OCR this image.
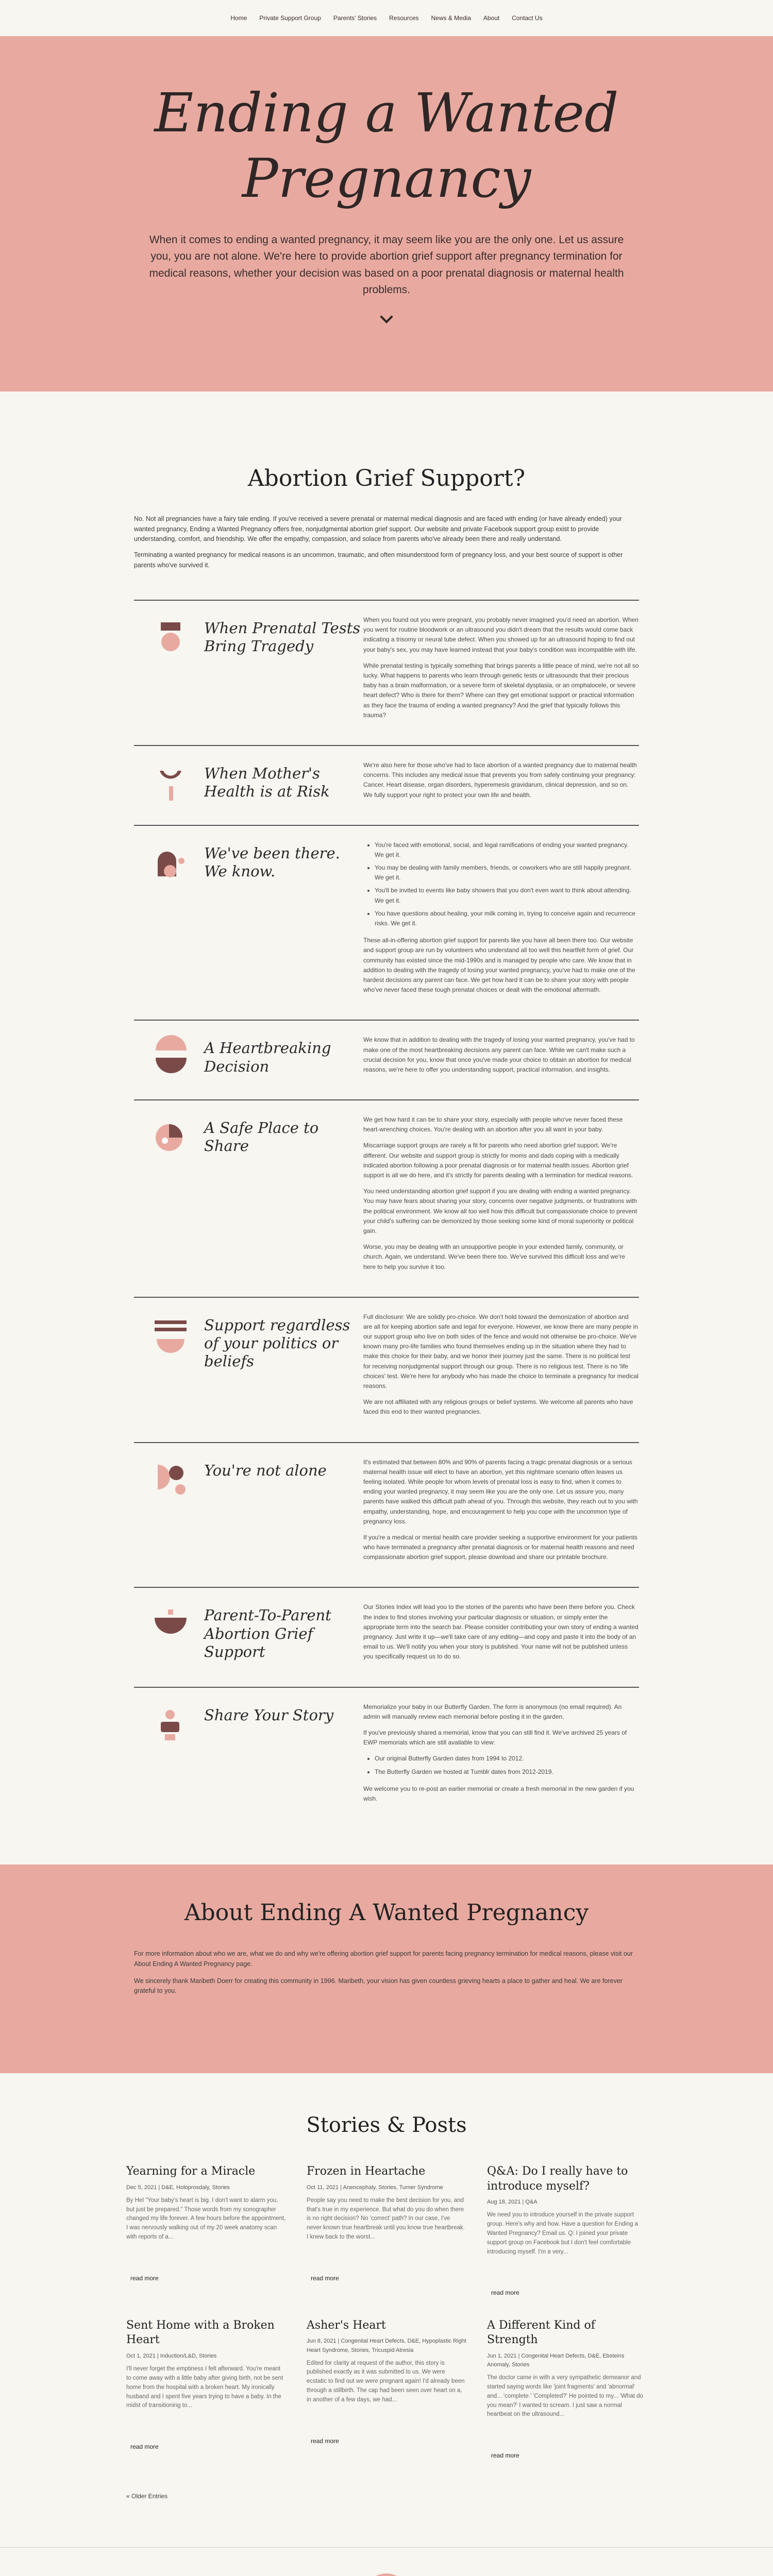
Home Private Support Group Parents' Stories Resources News & Media About Contact Us
Ending a Wanted Pregnancy

When it comes to ending a wanted pregnancy, it may seem like you are the only one. Let us assure you, you are not alone. We're here to provide abortion grief support after pregnancy termination for medical reasons, whether your decision was based on a poor prenatal diagnosis or maternal health problems.

Abortion Grief Support?

No. Not all pregnancies have a fairy tale ending. If you've received a severe prenatal or maternal medical diagnosis and are faced with ending (or have already ended) your wanted pregnancy, Ending a Wanted Pregnancy offers free, nonjudgmental abortion grief support. Our website and private Facebook support group exist to provide understanding, comfort, and friendship. We offer the empathy, compassion, and solace from parents who've already been there and really understand.

Terminating a wanted pregnancy for medical reasons is an uncommon, traumatic, and often misunderstood form of pregnancy loss, and your best source of support is other parents who've survived it.

When Prenatal Tests Bring Tragedy

When you found out you were pregnant, you probably never imagined you'd need an abortion. When you went for routine bloodwork or an ultrasound you didn't dream that the results would come back indicating a trisomy or neural tube defect. When you showed up for an ultrasound hoping to find out your baby's sex, you may have learned instead that your baby's condition was incompatible with life.

While prenatal testing is typically something that brings parents a little peace of mind, we're not all so lucky. What happens to parents who learn through genetic tests or ultrasounds that their precious baby has a brain malformation, or a severe form of skeletal dysplasia, or an omphalocele, or severe heart defect? Who is there for them? Where can they get emotional support or practical information as they face the trauma of ending a wanted pregnancy? And the grief that typically follows this trauma?

When Mother's Health is at Risk

We're also here for those who've had to face abortion of a wanted pregnancy due to maternal health concerns. This includes any medical issue that prevents you from safely continuing your pregnancy: Cancer. Heart disease, organ disorders, hyperemesis gravidarum, clinical depression, and so on. We fully support your right to protect your own life and health.

We've been there. We know.
• You're faced with emotional, social, and legal ramifications of ending your wanted pregnancy. We get it.
• You may be dealing with family members, friends, or coworkers who are still happily pregnant. We get it.
• You'll be invited to events like baby showers that you don't even want to think about attending. We get it.
• You have questions about healing, your milk coming in, trying to conceive again and recurrence risks. We get it.

These all-in-offering abortion grief support for parents like you have all been there too. Our website and support group are run by volunteers who understand all too well this heartfelt form of grief. Our community has existed since the mid-1990s and is managed by people who care. We know that in addition to dealing with the tragedy of losing your wanted pregnancy, you've had to make one of the hardest decisions any parent can face. We get how hard it can be to share your story with people who've never faced these tough prenatal choices or dealt with the emotional aftermath.

A Heartbreaking Decision

We know that in addition to dealing with the tragedy of losing your wanted pregnancy, you've had to make one of the most heartbreaking decisions any parent can face. While we can't make such a crucial decision for you, know that once you've made your choice to obtain an abortion for medical reasons, we're here to offer you understanding support, practical information, and insights.

A Safe Place to Share

We get how hard it can be to share your story, especially with people who've never faced these heart-wrenching choices. You're dealing with an abortion after you all want in your baby.

Miscarriage support groups are rarely a fit for parents who need abortion grief support. We're different. Our website and support group is strictly for moms and dads coping with a medically indicated abortion following a poor prenatal diagnosis or for maternal health issues. Abortion grief support is all we do here, and it's strictly for parents dealing with a termination for medical reasons.

You need understanding abortion grief support if you are dealing with ending a wanted pregnancy. You may have fears about sharing your story, concerns over negative judgments, or frustrations with the political environment. We know all too well how this difficult but compassionate choice to prevent your child's suffering can be demonized by those seeking some kind of moral superiority or political gain.

Worse, you may be dealing with an unsupportive people in your extended family, community, or church. Again, we understand. We've been there too. We've survived this difficult loss and we're here to help you survive it too.

Support regardless of your politics or beliefs

Full disclosure: We are solidly pro-choice. We don't hold toward the demonization of abortion and are all for keeping abortion safe and legal for everyone. However, we know there are many people in our support group who live on both sides of the fence and would not otherwise be pro-choice. We've known many pro-life families who found themselves ending up in the situation where they had to make this choice for their baby, and we honor their journey just the same. There is no political test for receiving nonjudgmental support through our group. There is no religious test. There is no 'life choices' test. We're here for anybody who has made the choice to terminate a pregnancy for medical reasons.

We are not affiliated with any religious groups or belief systems. We welcome all parents who have faced this end to their wanted pregnancies.

You're not alone	It's estimated that between 80% and 90% of parents facing a tragic prenatal diagnosis or a serious maternal health issue will elect to have an abortion, yet this nightmare scenario often leaves us feeling isolated. While people for whom levels of prenatal loss is easy to find, when it comes to ending your wanted pregnancy, it may seem like you are the only one. Let us assure you, many parents have walked this difficult path ahead of you. Through this website, they reach out to you with empathy, understanding, hope, and encouragement to help you cope with the uncommon type of pregnancy loss.

If you're a medical or mental health care provider seeking a supportive environment for your patients who have terminated a pregnancy after prenatal diagnosis or for maternal health reasons and need compassionate abortion grief support, please download and share our printable brochure.

Parent-To-Parent Abortion Grief Support

Our Stories Index will lead you to the stories of the parents who have been there before you. Check the index to find stories involving your particular diagnosis or situation, or simply enter the appropriate term into the search bar. Please consider contributing your own story of ending a wanted pregnancy. Just write it up—we'll take care of any editing—and copy and paste it into the body of an email to us. We'll notify you when your story is published. Your name will not be published unless you specifically request us to do so.

Share Your Story	Memorialize your baby in our Butterfly Garden. The form is anonymous (no email required). An admin will manually review each memorial before posting it in the garden.

If you've previously shared a memorial, know that you can still find it. We've archived 25 years of EWP memorials which are still available to view:

• Our original Butterfly Garden dates from 1994 to 2012.
• The Butterfly Garden we hosted at Tumblr dates from 2012-2019.

We welcome you to re-post an earlier memorial or create a fresh memorial in the new garden if you wish.

About Ending A Wanted Pregnancy

For more information about who we are, what we do and why we're offering abortion grief support for parents facing pregnancy termination for medical reasons, please visit our About Ending A Wanted Pregnancy page.

We sincerely thank Maribeth Doerr for creating this community in 1996. Maribeth, your vision has given countless grieving hearts a place to gather and heal. We are forever grateful to you.

Stories & Posts
Yearning for a Miracle
Dec 5, 2021 | D&E, Holoprosdaly, Stories
By Hel "Your baby's heart is big. I don't want to alarm you, but just be prepared." Those words from my sonographer changed my life forever. A few hours before the appointment, I was nervously walking out of my 20 week anatomy scan with reports of a...
read more
Frozen in Heartache
Oct 11, 2021 | Anencephaly, Stories, Turner Syndrome
People say you need to make the best decision for you, and that's true in my experience. But what do you do when there is no right decision? No 'correct' path? In our case, I've never known true heartbreak until you know true heartbreak. I knew back to the worst...
read more
Q&A: Do I really have to introduce myself?
Aug 18, 2021 | Q&A
We need you to introduce yourself in the private support group. Here's why and how. Have a question for Ending a Wanted Pregnancy? Email us. Q: I joined your private support group on Facebook but I don't feel comfortable introducing myself. I'm a very...
read more
Sent Home with a Broken Heart
Oct 1, 2021 | Induction/L&D, Stories
I'll never forget the emptiness I felt afterward. You're meant to come away with a little baby after giving birth, not be sent home from the hospital with a broken heart. My ironically husband and I spent five years trying to have a baby. In the midst of transitioning to...
read more
Asher's Heart
Jun 8, 2021 | Congenital Heart Defects, D&E, Hypoplastic Right Heart Syndrome, Stories, Tricuspid Atresia
Edited for clarity at request of the author, this story is published exactly as it was submitted to us. We were ecstatic to find out we were pregnant again! I'd already been through a stillbirth. The cap had been seen over heart on a, in another of a few days, we had...
read more
A Different Kind of Strength
Jun 1, 2021 | Congenital Heart Defects, D&E, Ebsteins Anomaly, Stories
The doctor came in with a very sympathetic demeanor and started saying words like 'joint fragments' and 'abnormal' and... 'complete.' 'Completed?' He pointed to my... 'What do you mean?' I wanted to scream. I just saw a normal heartbeat on the ultrasound...
read more
« Older Entries
